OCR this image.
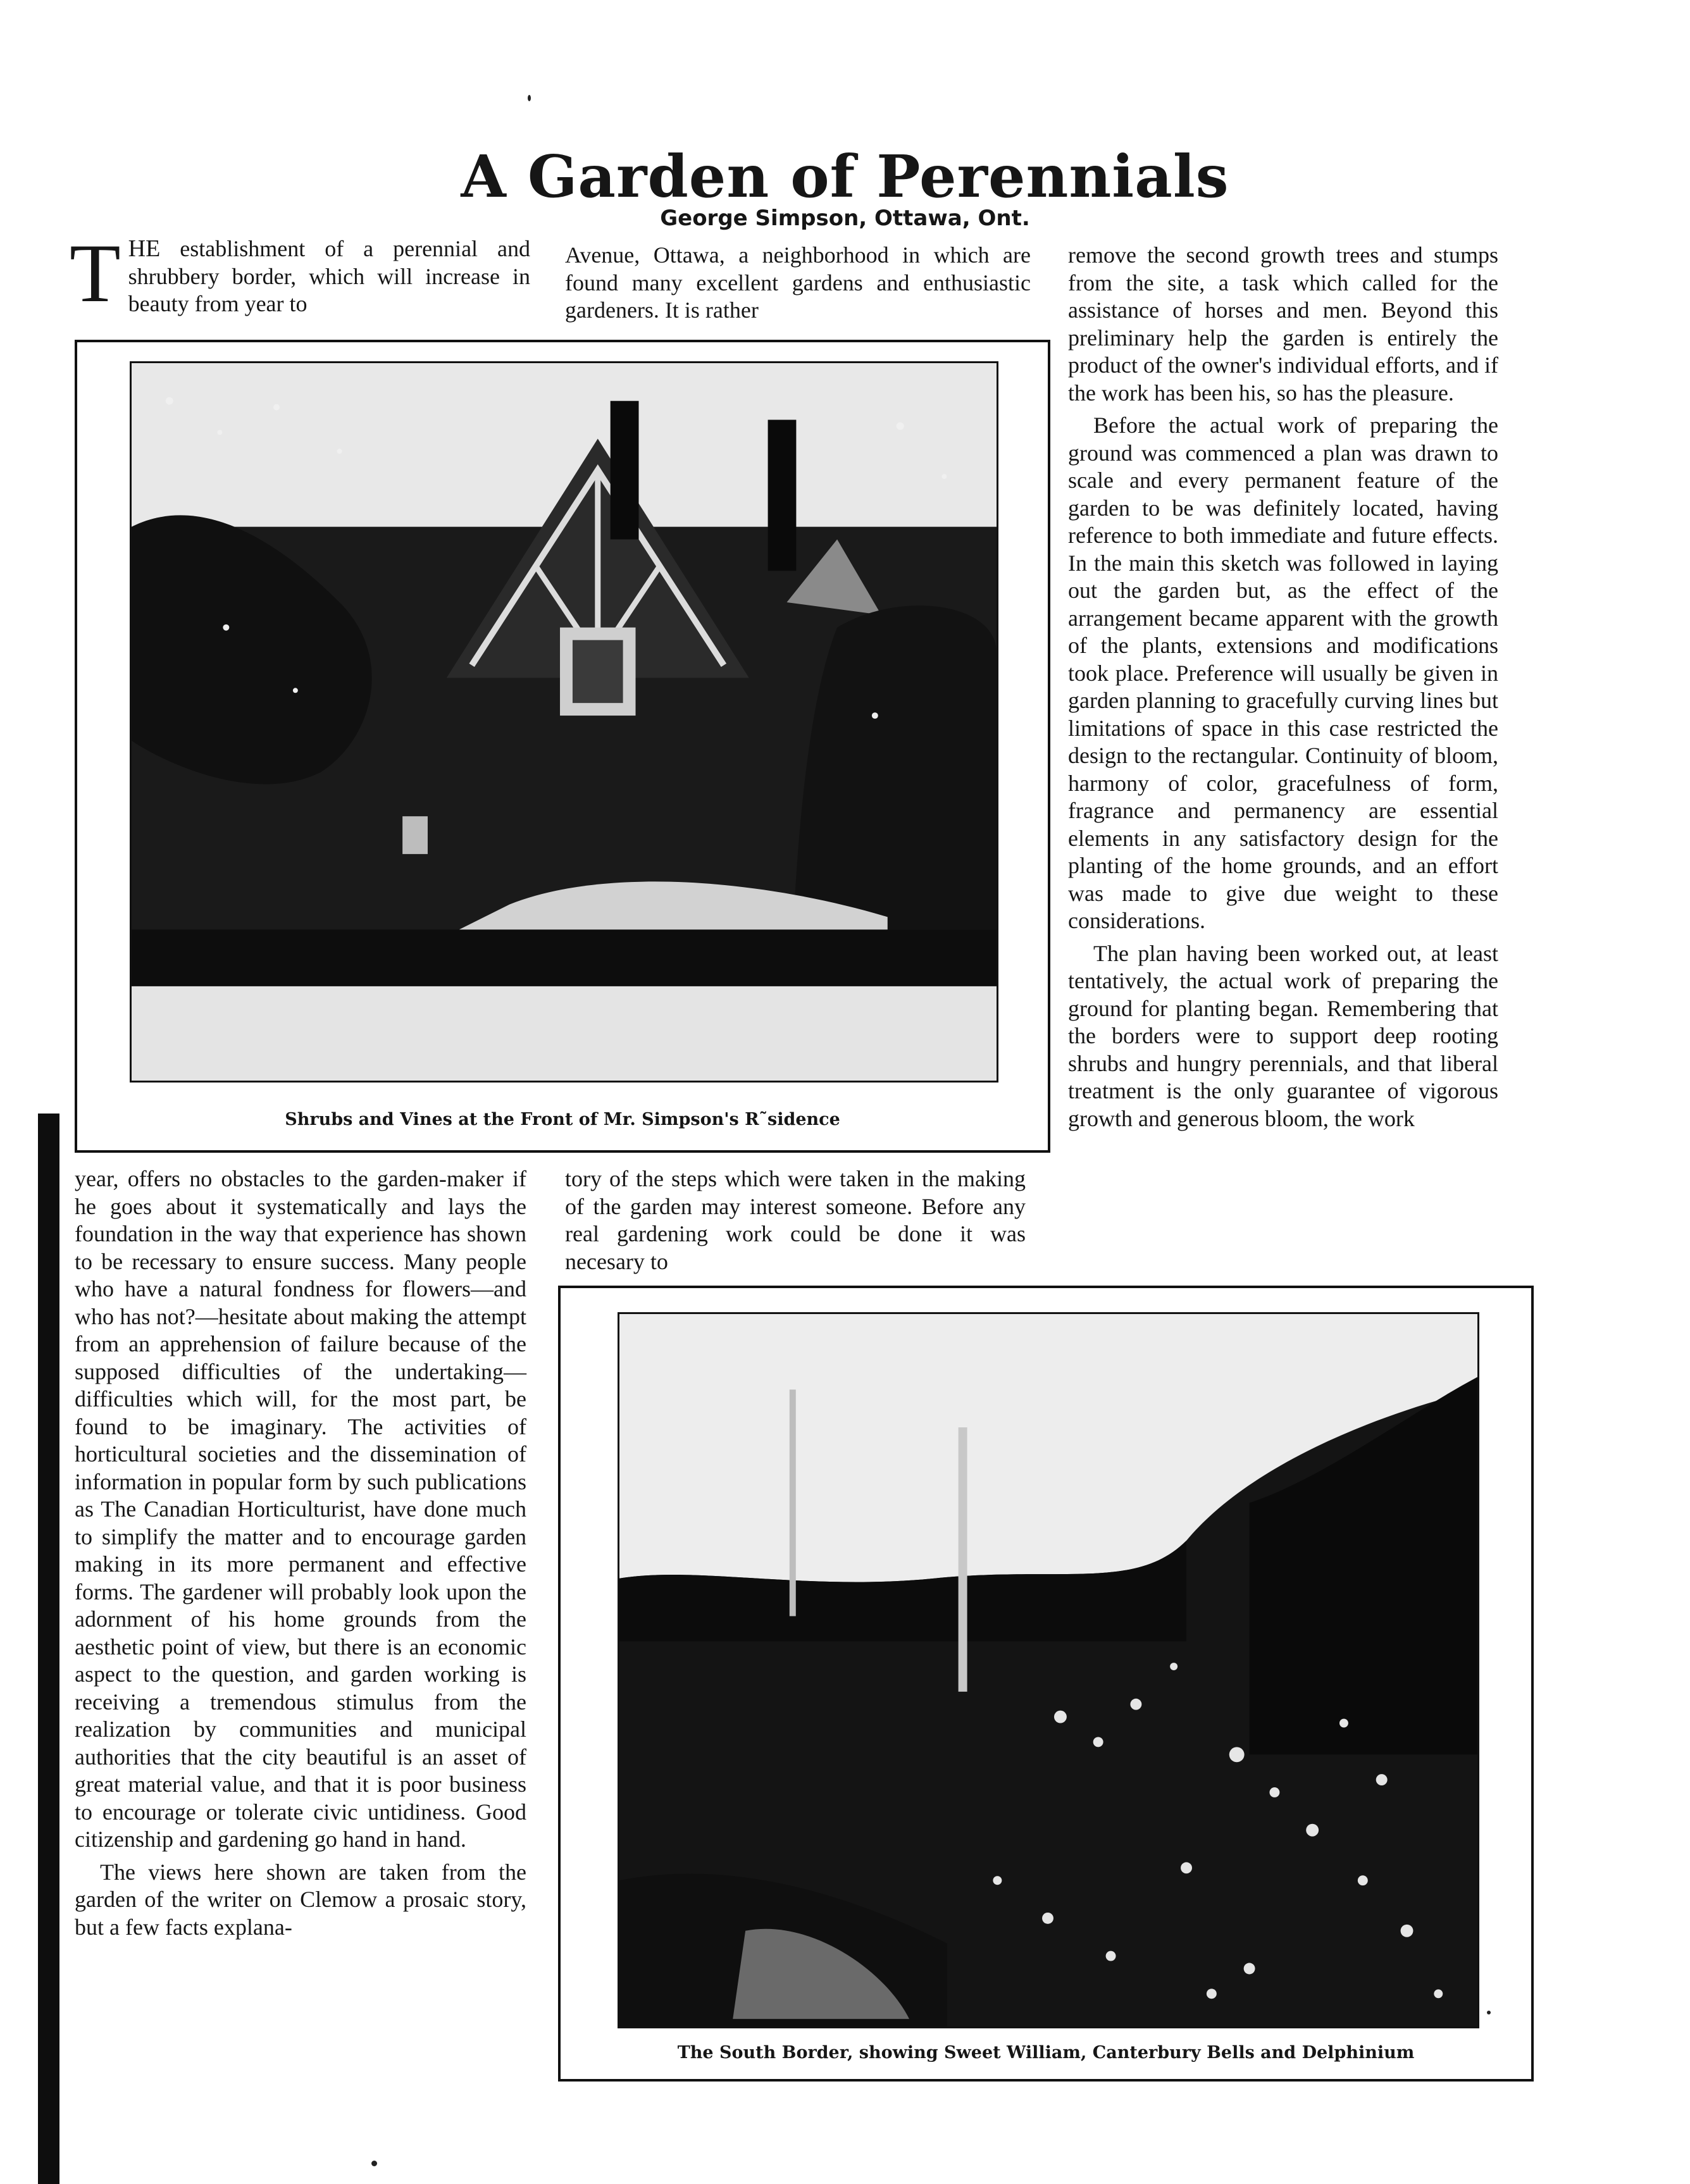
A Garden of Perennials
George Simpson, Ottawa, Ont.

THE establishment of a perennial and shrubbery border, which will increase in beauty from year to

Avenue, Ottawa, a neighborhood in which are found many excellent gardens and enthusiastic gardeners. It is rather

remove the second growth trees and stumps from the site, a task which called for the assistance of horses and men. Beyond this preliminary help the garden is entirely the product of the owner's individual efforts, and if the work has been his, so has the pleasure.

Before the actual work of preparing the ground was commenced a plan was drawn to scale and every permanent feature of the garden to be was definitely located, having reference to both immediate and future effects. In the main this sketch was followed in laying out the garden but, as the effect of the arrangement became apparent with the growth of the plants, extensions and modifications took place. Preference will usually be given in garden planning to gracefully curving lines but limitations of space in this case restricted the design to the rectangular. Continuity of bloom, harmony of color, gracefulness of form, fragrance and permanency are essential elements in any satisfactory design for the planting of the home grounds, and an effort was made to give due weight to these considerations.

The plan having been worked out, at least tentatively, the actual work of preparing the ground for planting began. Remembering that the borders were to support deep rooting shrubs and hungry perennials, and that liberal treatment is the only guarantee of vigorous growth and generous bloom, the work

Shrubs and Vines at the Front of Mr. Simpson's R˜sidence

year, offers no obstacles to the garden-maker if he goes about it systematically and lays the foundation in the way that experience has shown to be recessary to ensure success. Many people who have a natural fondness for flowers—and who has not?—hesitate about making the attempt from an apprehension of failure because of the supposed difficulties of the undertaking—difficulties which will, for the most part, be found to be imaginary. The activities of horticultural societies and the dissemination of information in popular form by such publications as The Canadian Horticulturist, have done much to simplify the matter and to encourage garden making in its more permanent and effective forms. The gardener will probably look upon the adornment of his home grounds from the aesthetic point of view, but there is an economic aspect to the question, and garden working is receiving a tremendous stimulus from the realization by communities and municipal authorities that the city beautiful is an asset of great material value, and that it is poor business to encourage or tolerate civic untidiness. Good citizenship and gardening go hand in hand.

The views here shown are taken from the garden of the writer on Clemow a prosaic story, but a few facts explana-

tory of the steps which were taken in the making of the garden may interest someone. Before any real gardening work could be done it was necesary to

The South Border, showing Sweet William, Canterbury Bells and Delphinium
